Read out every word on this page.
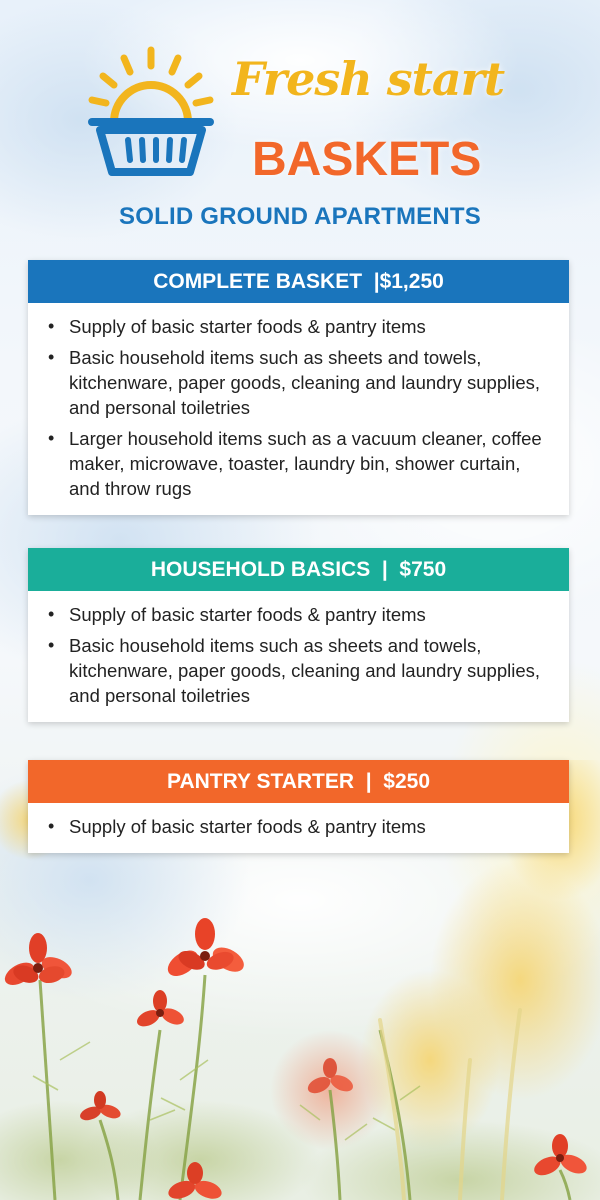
Fresh start
BASKETS
SOLID GROUND APARTMENTS
COMPLETE BASKET  |$1,250
• Supply of basic starter foods & pantry items
• Basic household items such as sheets and towels, kitchenware, paper goods, cleaning and laundry supplies, and personal toiletries
• Larger household items such as a vacuum cleaner, coffee maker, microwave, toaster, laundry bin, shower curtain, and throw rugs
HOUSEHOLD BASICS  |  $750
• Supply of basic starter foods & pantry items
• Basic household items such as sheets and towels, kitchenware, paper goods, cleaning and laundry supplies, and personal toiletries
PANTRY STARTER  |  $250
• Supply of basic starter foods & pantry items
